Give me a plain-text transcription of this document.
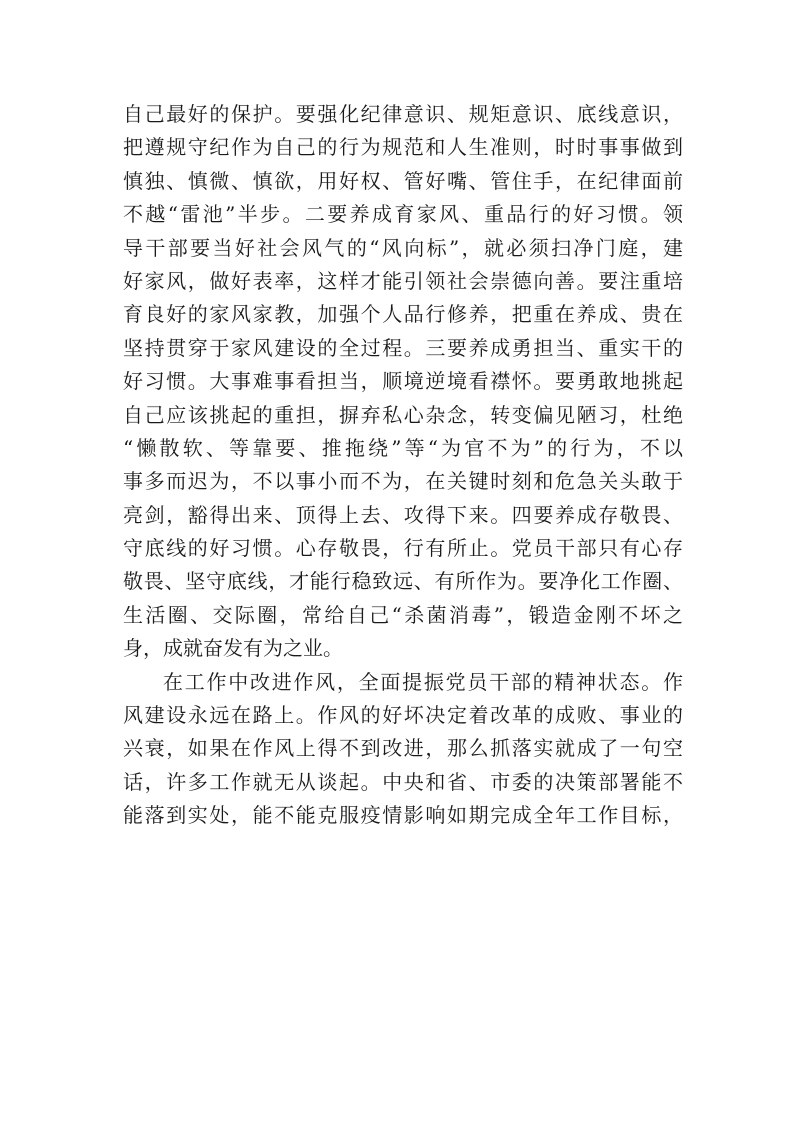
自己最好的保护。要强化纪律意识、规矩意识、底线意识，
把遵规守纪作为自己的行为规范和人生准则，时时事事做到
慎独、慎微、慎欲，用好权、管好嘴、管住手，在纪律面前
不越“雷池”半步。二要养成育家风、重品行的好习惯。领
导干部要当好社会风气的“风向标”，就必须扫净门庭，建
好家风，做好表率，这样才能引领社会崇德向善。要注重培
育良好的家风家教，加强个人品行修养，把重在养成、贵在
坚持贯穿于家风建设的全过程。三要养成勇担当、重实干的
好习惯。大事难事看担当，顺境逆境看襟怀。要勇敢地挑起
自己应该挑起的重担，摒弃私心杂念，转变偏见陋习，杜绝
“懒散软、等靠要、推拖绕”等“为官不为”的行为，不以
事多而迟为，不以事小而不为，在关键时刻和危急关头敢于
亮剑，豁得出来、顶得上去、攻得下来。四要养成存敬畏、
守底线的好习惯。心存敬畏，行有所止。党员干部只有心存
敬畏、坚守底线，才能行稳致远、有所作为。要净化工作圈、
生活圈、交际圈，常给自己“杀菌消毒”，锻造金刚不坏之
身，成就奋发有为之业。
在工作中改进作风，全面提振党员干部的精神状态。作
风建设永远在路上。作风的好坏决定着改革的成败、事业的
兴衰，如果在作风上得不到改进，那么抓落实就成了一句空
话，许多工作就无从谈起。中央和省、市委的决策部署能不
能落到实处，能不能克服疫情影响如期完成全年工作目标，
